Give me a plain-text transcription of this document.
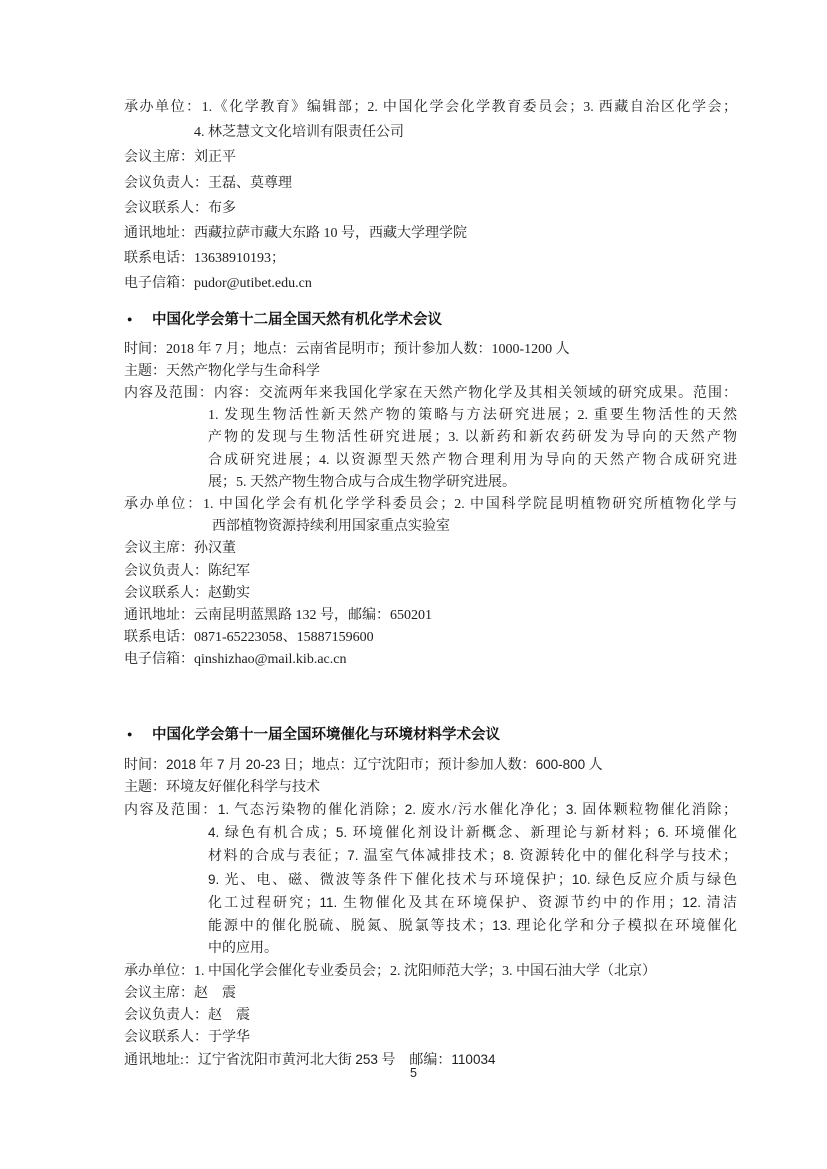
承办单位：1.《化学教育》编辑部；2. 中国化学会化学教育委员会；3. 西藏自治区化学会；
4. 林芝慧文文化培训有限责任公司
会议主席：刘正平
会议负责人：王磊、莫尊理
会议联系人：布多
通讯地址：西藏拉萨市藏大东路 10 号，西藏大学理学院
联系电话：13638910193；
电子信箱：pudor@utibet.edu.cn
● 中国化学会第十二届全国天然有机化学术会议
时间：2018 年 7 月；地点：云南省昆明市；预计参加人数：1000-1200 人
主题：天然产物化学与生命科学
内容及范围：内容：交流两年来我国化学家在天然产物化学及其相关领域的研究成果。范围：
1. 发现生物活性新天然产物的策略与方法研究进展；2. 重要生物活性的天然
产物的发现与生物活性研究进展；3. 以新药和新农药研发为导向的天然产物
合成研究进展；4. 以资源型天然产物合理利用为导向的天然产物合成研究进
展；5. 天然产物生物合成与合成生物学研究进展。
承办单位：1. 中国化学会有机化学学科委员会；2. 中国科学院昆明植物研究所植物化学与
西部植物资源持续利用国家重点实验室
会议主席：孙汉董
会议负责人：陈纪军
会议联系人：赵勤实
通讯地址：云南昆明蓝黑路 132 号，邮编：650201
联系电话：0871-65223058、15887159600
电子信箱：qinshizhao@mail.kib.ac.cn
● 中国化学会第十一届全国环境催化与环境材料学术会议
时间：2018 年 7 月 20-23 日；地点：辽宁沈阳市；预计参加人数：600-800 人
主题：环境友好催化科学与技术
内容及范围：1. 气态污染物的催化消除；2. 废水/污水催化净化；3. 固体颗粒物催化消除；
4. 绿色有机合成；5. 环境催化剂设计新概念、新理论与新材料；6. 环境催化
材料的合成与表征；7. 温室气体减排技术；8. 资源转化中的催化科学与技术；
9. 光、电、磁、微波等条件下催化技术与环境保护；10. 绿色反应介质与绿色
化工过程研究；11. 生物催化及其在环境保护、资源节约中的作用；12. 清洁
能源中的催化脱硫、脱氮、脱氯等技术；13. 理论化学和分子模拟在环境催化
中的应用。
承办单位：1. 中国化学会催化专业委员会；2. 沈阳师范大学；3. 中国石油大学（北京）
会议主席：赵　震
会议负责人：赵　震
会议联系人：于学华
通讯地址:：辽宁省沈阳市黄河北大街 253 号　邮编：110034
5
